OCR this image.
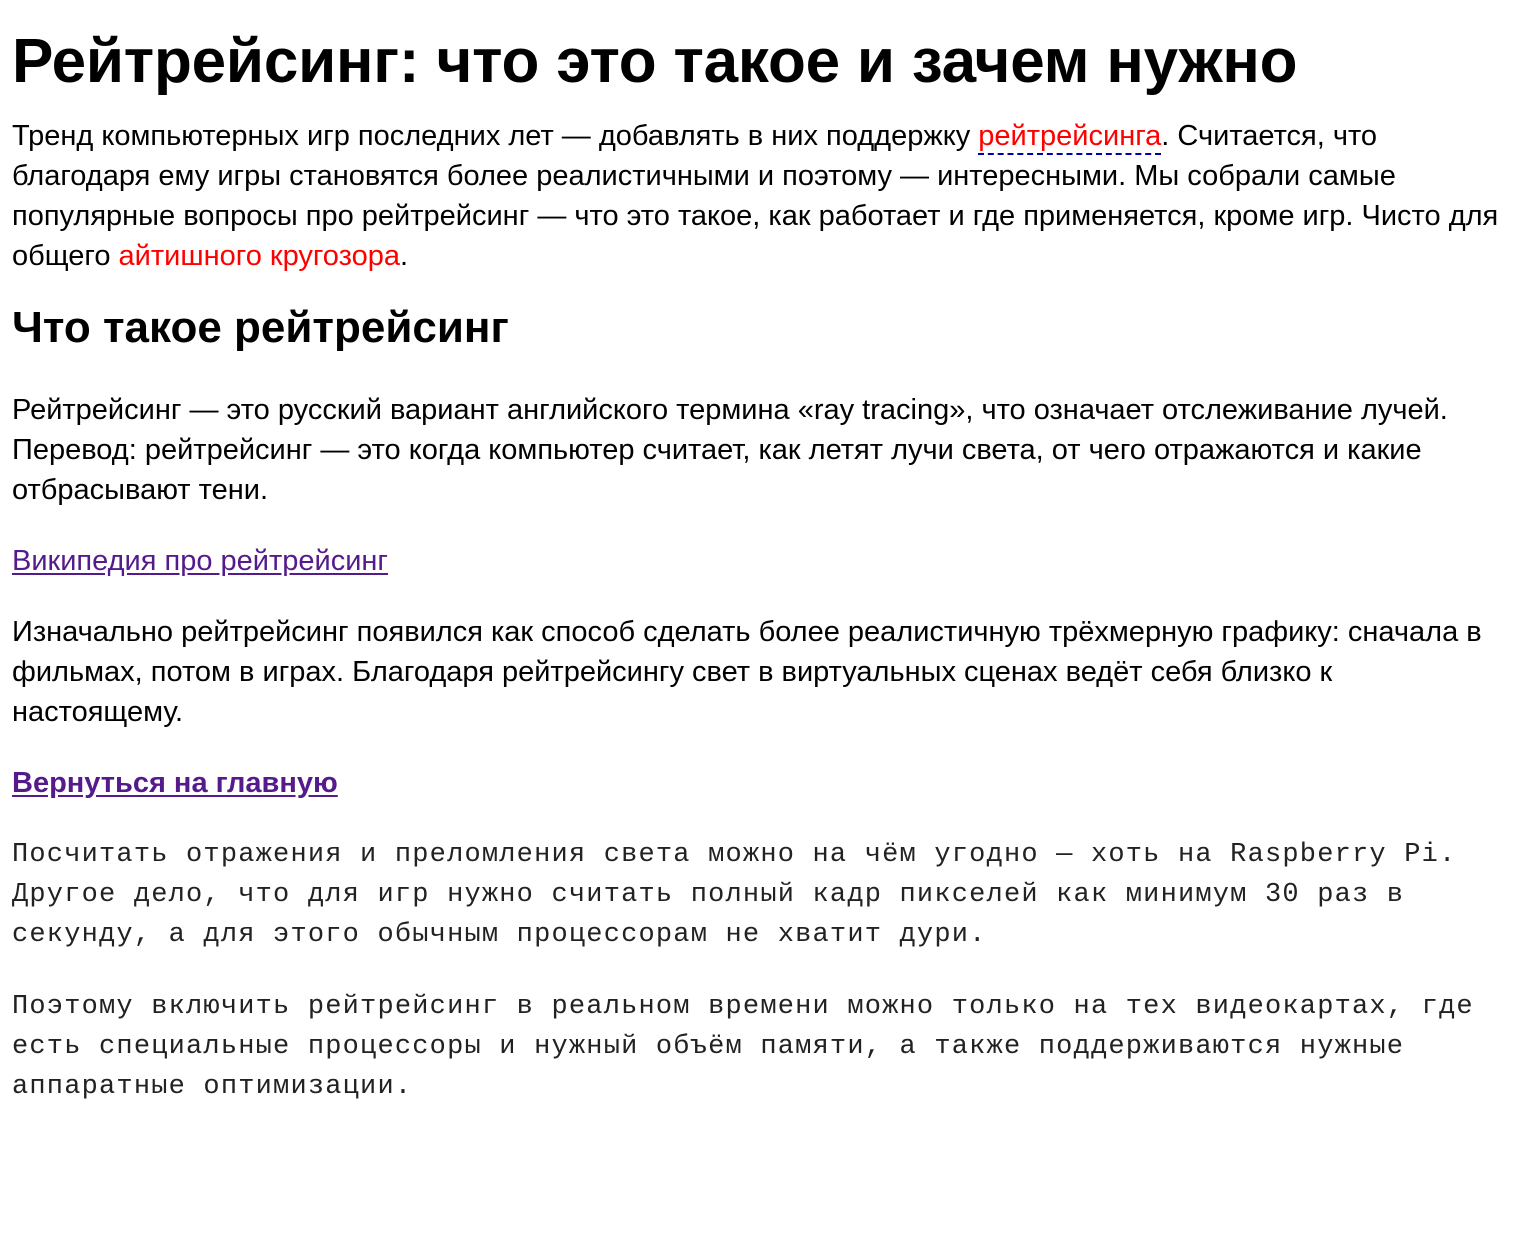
Рейтрейсинг: что это такое и зачем нужно

Тренд компьютерных игр последних лет — добавлять в них поддержку рейтрейсинга. Считается, что благодаря ему игры становятся более реалистичными и поэтому — интересными. Мы собрали самые популярные вопросы про рейтрейсинг — что это такое, как работает и где применяется, кроме игр. Чисто для общего айтишного кругозора.

Что такое рейтрейсинг

Рейтрейсинг — это русский вариант английского термина «ray tracing», что означает отслеживание лучей. Перевод: рейтрейсинг — это когда компьютер считает, как летят лучи света, от чего отражаются и какие отбрасывают тени.

Википедия про рейтрейсинг

Изначально рейтрейсинг появился как способ сделать более реалистичную трёхмерную графику: сначала в фильмах, потом в играх. Благодаря рейтрейсингу свет в виртуальных сценах ведёт себя близко к настоящему.

Вернуться на главную

Посчитать отражения и преломления света можно на чём угодно — хоть на Raspberry Pi. Другое дело, что для игр нужно считать полный кадр пикселей как минимум 30 раз в секунду, а для этого обычным процессорам не хватит дури.

Поэтому включить рейтрейсинг в реальном времени можно только на тех видеокартах, где есть специальные процессоры и нужный объём памяти, а также поддерживаются нужные аппаратные оптимизации.
